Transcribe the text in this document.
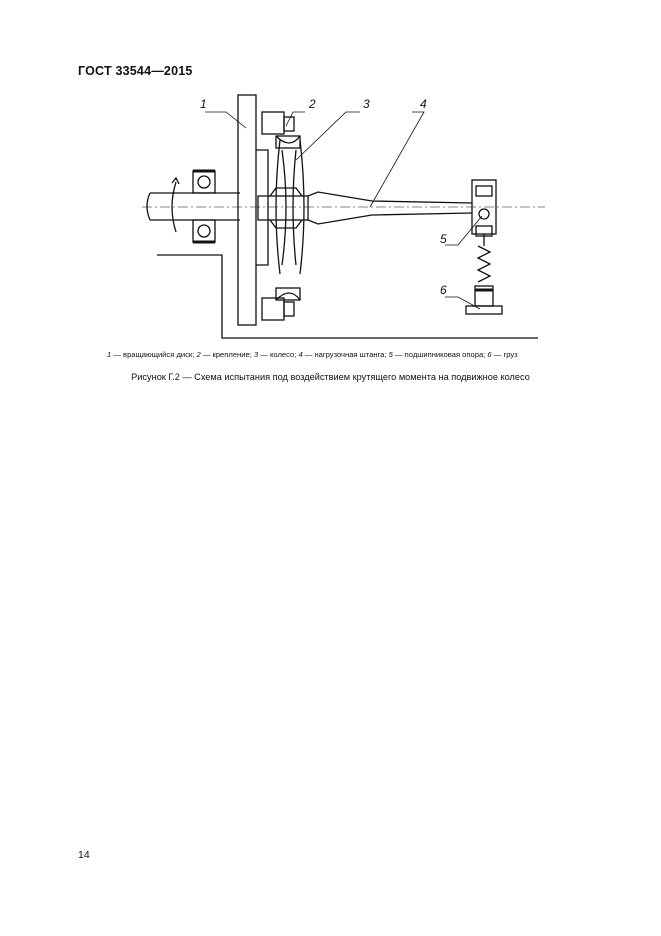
ГОСТ 33544—2015
1	2	3	4
5
6
1 — вращающийся диск; 2 — крепление; 3 — колесо; 4 — нагрузочная штанга; 5 — подшипниковая опора; 6 — груз
Рисунок Г.2 — Схема испытания под воздействием крутящего момента на подвижное колесо
14
